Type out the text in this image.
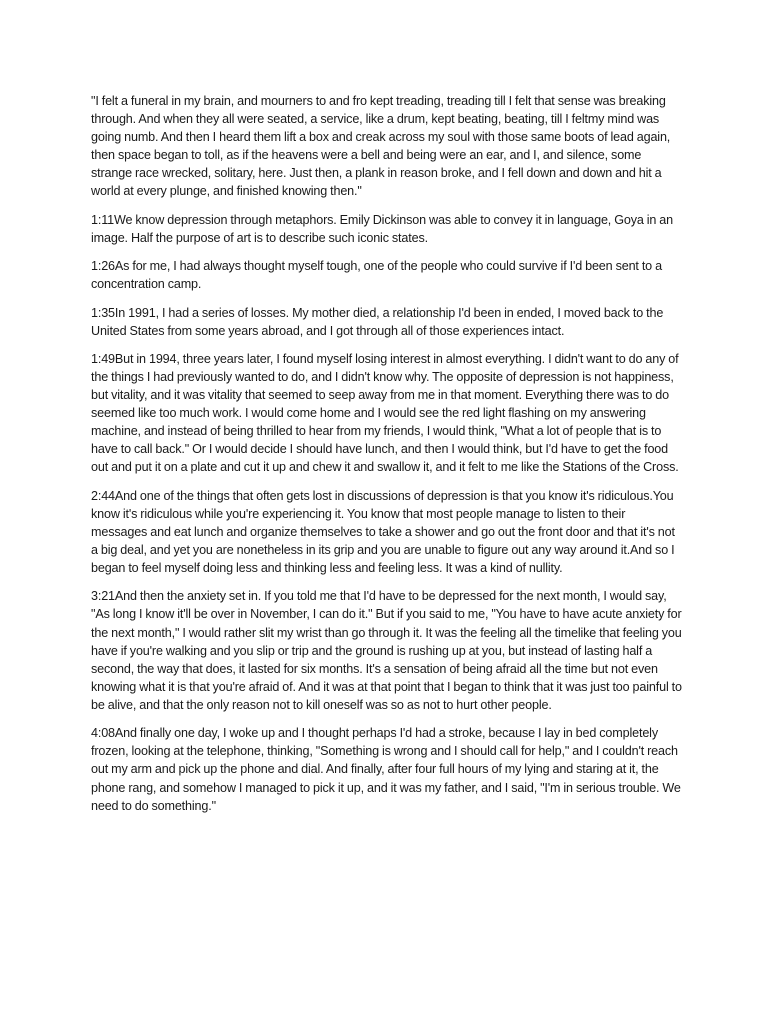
"I felt a funeral in my brain, and mourners to and fro kept treading, treading till I felt that sense was breaking through. And when they all were seated, a service, like a drum, kept beating, beating, till I feltmy mind was going numb. And then I heard them lift a box and creak across my soul with those same boots of lead again, then space began to toll, as if the heavens were a bell and being were an ear, and I, and silence, some strange race wrecked, solitary, here. Just then, a plank in reason broke, and I fell down and down and hit a world at every plunge, and finished knowing then."

1:11We know depression through metaphors. Emily Dickinson was able to convey it in language, Goya in an image. Half the purpose of art is to describe such iconic states.

1:26As for me, I had always thought myself tough, one of the people who could survive if I'd been sent to a concentration camp.

1:35In 1991, I had a series of losses. My mother died, a relationship I'd been in ended, I moved back to the United States from some years abroad, and I got through all of those experiences intact.

1:49But in 1994, three years later, I found myself losing interest in almost everything. I didn't want to do any of the things I had previously wanted to do, and I didn't know why. The opposite of depression is not happiness, but vitality, and it was vitality that seemed to seep away from me in that moment. Everything there was to do seemed like too much work. I would come home and I would see the red light flashing on my answering machine, and instead of being thrilled to hear from my friends, I would think, "What a lot of people that is to have to call back." Or I would decide I should have lunch, and then I would think, but I'd have to get the food out and put it on a plate and cut it up and chew it and swallow it, and it felt to me like the Stations of the Cross.

2:44And one of the things that often gets lost in discussions of depression is that you know it's ridiculous.You know it's ridiculous while you're experiencing it. You know that most people manage to listen to their messages and eat lunch and organize themselves to take a shower and go out the front door and that it's not a big deal, and yet you are nonetheless in its grip and you are unable to figure out any way around it.And so I began to feel myself doing less and thinking less and feeling less. It was a kind of nullity.

3:21And then the anxiety set in. If you told me that I'd have to be depressed for the next month, I would say, "As long I know it'll be over in November, I can do it." But if you said to me, "You have to have acute anxiety for the next month," I would rather slit my wrist than go through it. It was the feeling all the timelike that feeling you have if you're walking and you slip or trip and the ground is rushing up at you, but instead of lasting half a second, the way that does, it lasted for six months. It's a sensation of being afraid all the time but not even knowing what it is that you're afraid of. And it was at that point that I began to think that it was just too painful to be alive, and that the only reason not to kill oneself was so as not to hurt other people.

4:08And finally one day, I woke up and I thought perhaps I'd had a stroke, because I lay in bed completely frozen, looking at the telephone, thinking, "Something is wrong and I should call for help," and I couldn't reach out my arm and pick up the phone and dial. And finally, after four full hours of my lying and staring at it, the phone rang, and somehow I managed to pick it up, and it was my father, and I said, "I'm in serious trouble. We need to do something."
